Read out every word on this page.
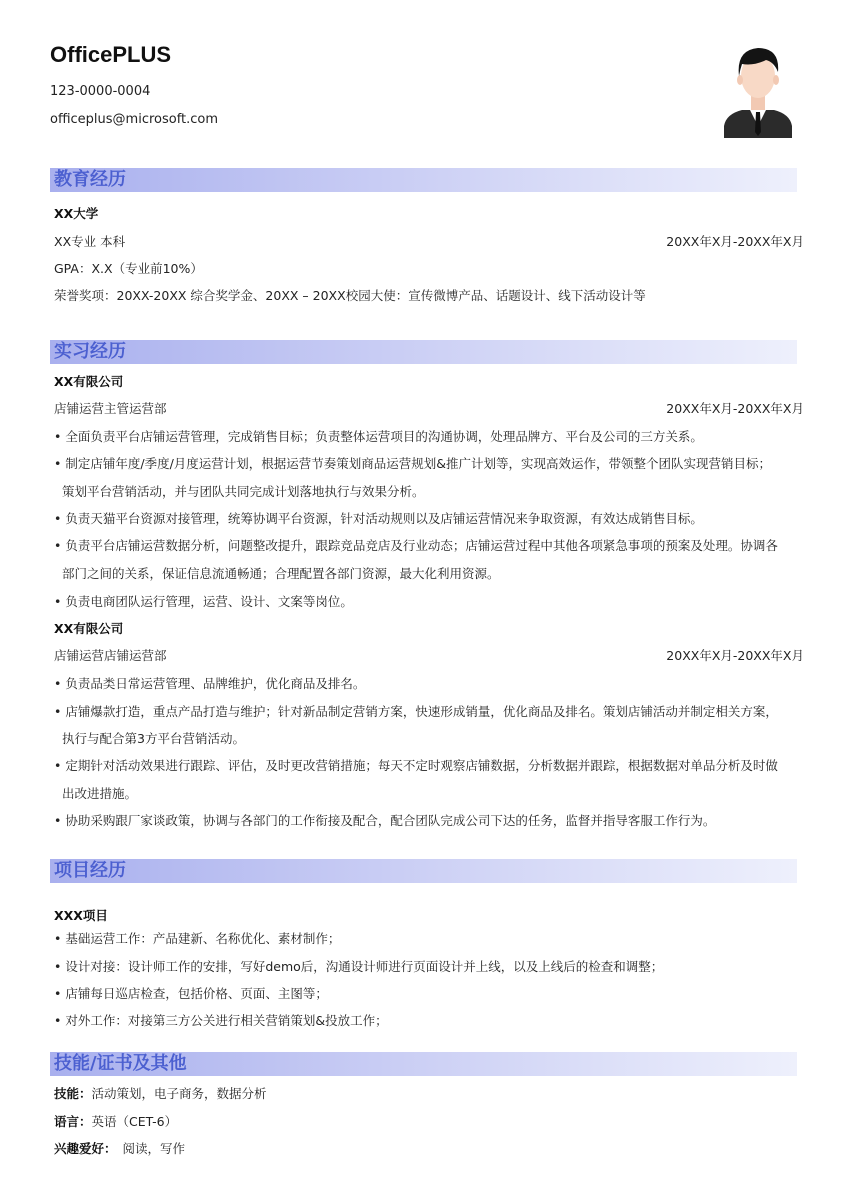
OfficePLUS
123-0000-0004
officeplus@microsoft.com
教育经历
XX大学
XX专业 本科	20XX年X月-20XX年X月
GPA：X.X（专业前10%）
荣誉奖项：20XX-20XX 综合奖学金、20XX – 20XX校园大使：宣传微博产品、话题设计、线下活动设计等
实习经历
XX有限公司
店铺运营主管运营部	20XX年X月-20XX年X月
• 全面负责平台店铺运营管理，完成销售目标；负责整体运营项目的沟通协调，处理品牌方、平台及公司的三方关系。
• 制定店铺年度/季度/月度运营计划，根据运营节奏策划商品运营规划&推广计划等，实现高效运作，带领整个团队实现营销目标；
策划平台营销活动，并与团队共同完成计划落地执行与效果分析。
• 负责天猫平台资源对接管理，统筹协调平台资源，针对活动规则以及店铺运营情况来争取资源，有效达成销售目标。
• 负责平台店铺运营数据分析，问题整改提升，跟踪竞品竞店及行业动态；店铺运营过程中其他各项紧急事项的预案及处理。协调各
部门之间的关系，保证信息流通畅通；合理配置各部门资源，最大化利用资源。
• 负责电商团队运行管理，运营、设计、文案等岗位。
XX有限公司
店铺运营店铺运营部	20XX年X月-20XX年X月
• 负责品类日常运营管理、品牌维护，优化商品及排名。
• 店铺爆款打造，重点产品打造与维护；针对新品制定营销方案，快速形成销量，优化商品及排名。策划店铺活动并制定相关方案，
执行与配合第3方平台营销活动。
• 定期针对活动效果进行跟踪、评估，及时更改营销措施；每天不定时观察店铺数据，分析数据并跟踪，根据数据对单品分析及时做
出改进措施。
• 协助采购跟厂家谈政策，协调与各部门的工作衔接及配合，配合团队完成公司下达的任务，监督并指导客服工作行为。
项目经历
XXX项目
• 基础运营工作：产品建新、名称优化、素材制作；
• 设计对接：设计师工作的安排，写好demo后，沟通设计师进行页面设计并上线，以及上线后的检查和调整；
• 店铺每日巡店检查，包括价格、页面、主图等；
• 对外工作：对接第三方公关进行相关营销策划&投放工作；
技能/证书及其他
技能：活动策划，电子商务，数据分析
语言：英语（CET-6）
兴趣爱好： 阅读，写作
